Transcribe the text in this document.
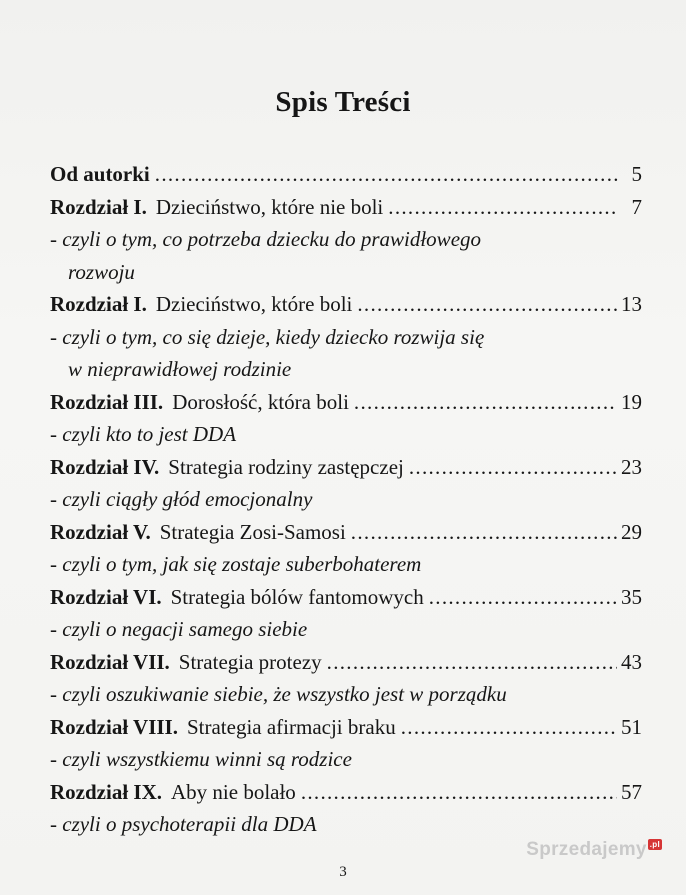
Spis Treści
Od autorki .....	5
Rozdział I. Dzieciństwo, które nie boli .....	7
- czyli o tym, co potrzeba dziecku do prawidłowego
rozwoju
Rozdział I. Dzieciństwo, które boli .....	13
- czyli o tym, co się dzieje, kiedy dziecko rozwija się
w nieprawidłowej rodzinie
Rozdział III. Dorosłość, która boli .....	19
- czyli kto to jest DDA
Rozdział IV. Strategia rodziny zastępczej .....	23
- czyli ciągły głód emocjonalny
Rozdział V. Strategia Zosi-Samosi .....	29
- czyli o tym, jak się zostaje suberbohaterem
Rozdział VI. Strategia bólów fantomowych .....	35
- czyli o negacji samego siebie
Rozdział VII. Strategia protezy .....	43
- czyli oszukiwanie siebie, że wszystko jest w porządku
Rozdział VIII. Strategia afirmacji braku .....	51
- czyli wszystkiemu winni są rodzice
Rozdział IX. Aby nie bolało .....	57
- czyli o psychoterapii dla DDA
3
Sprzedajemy .pl
